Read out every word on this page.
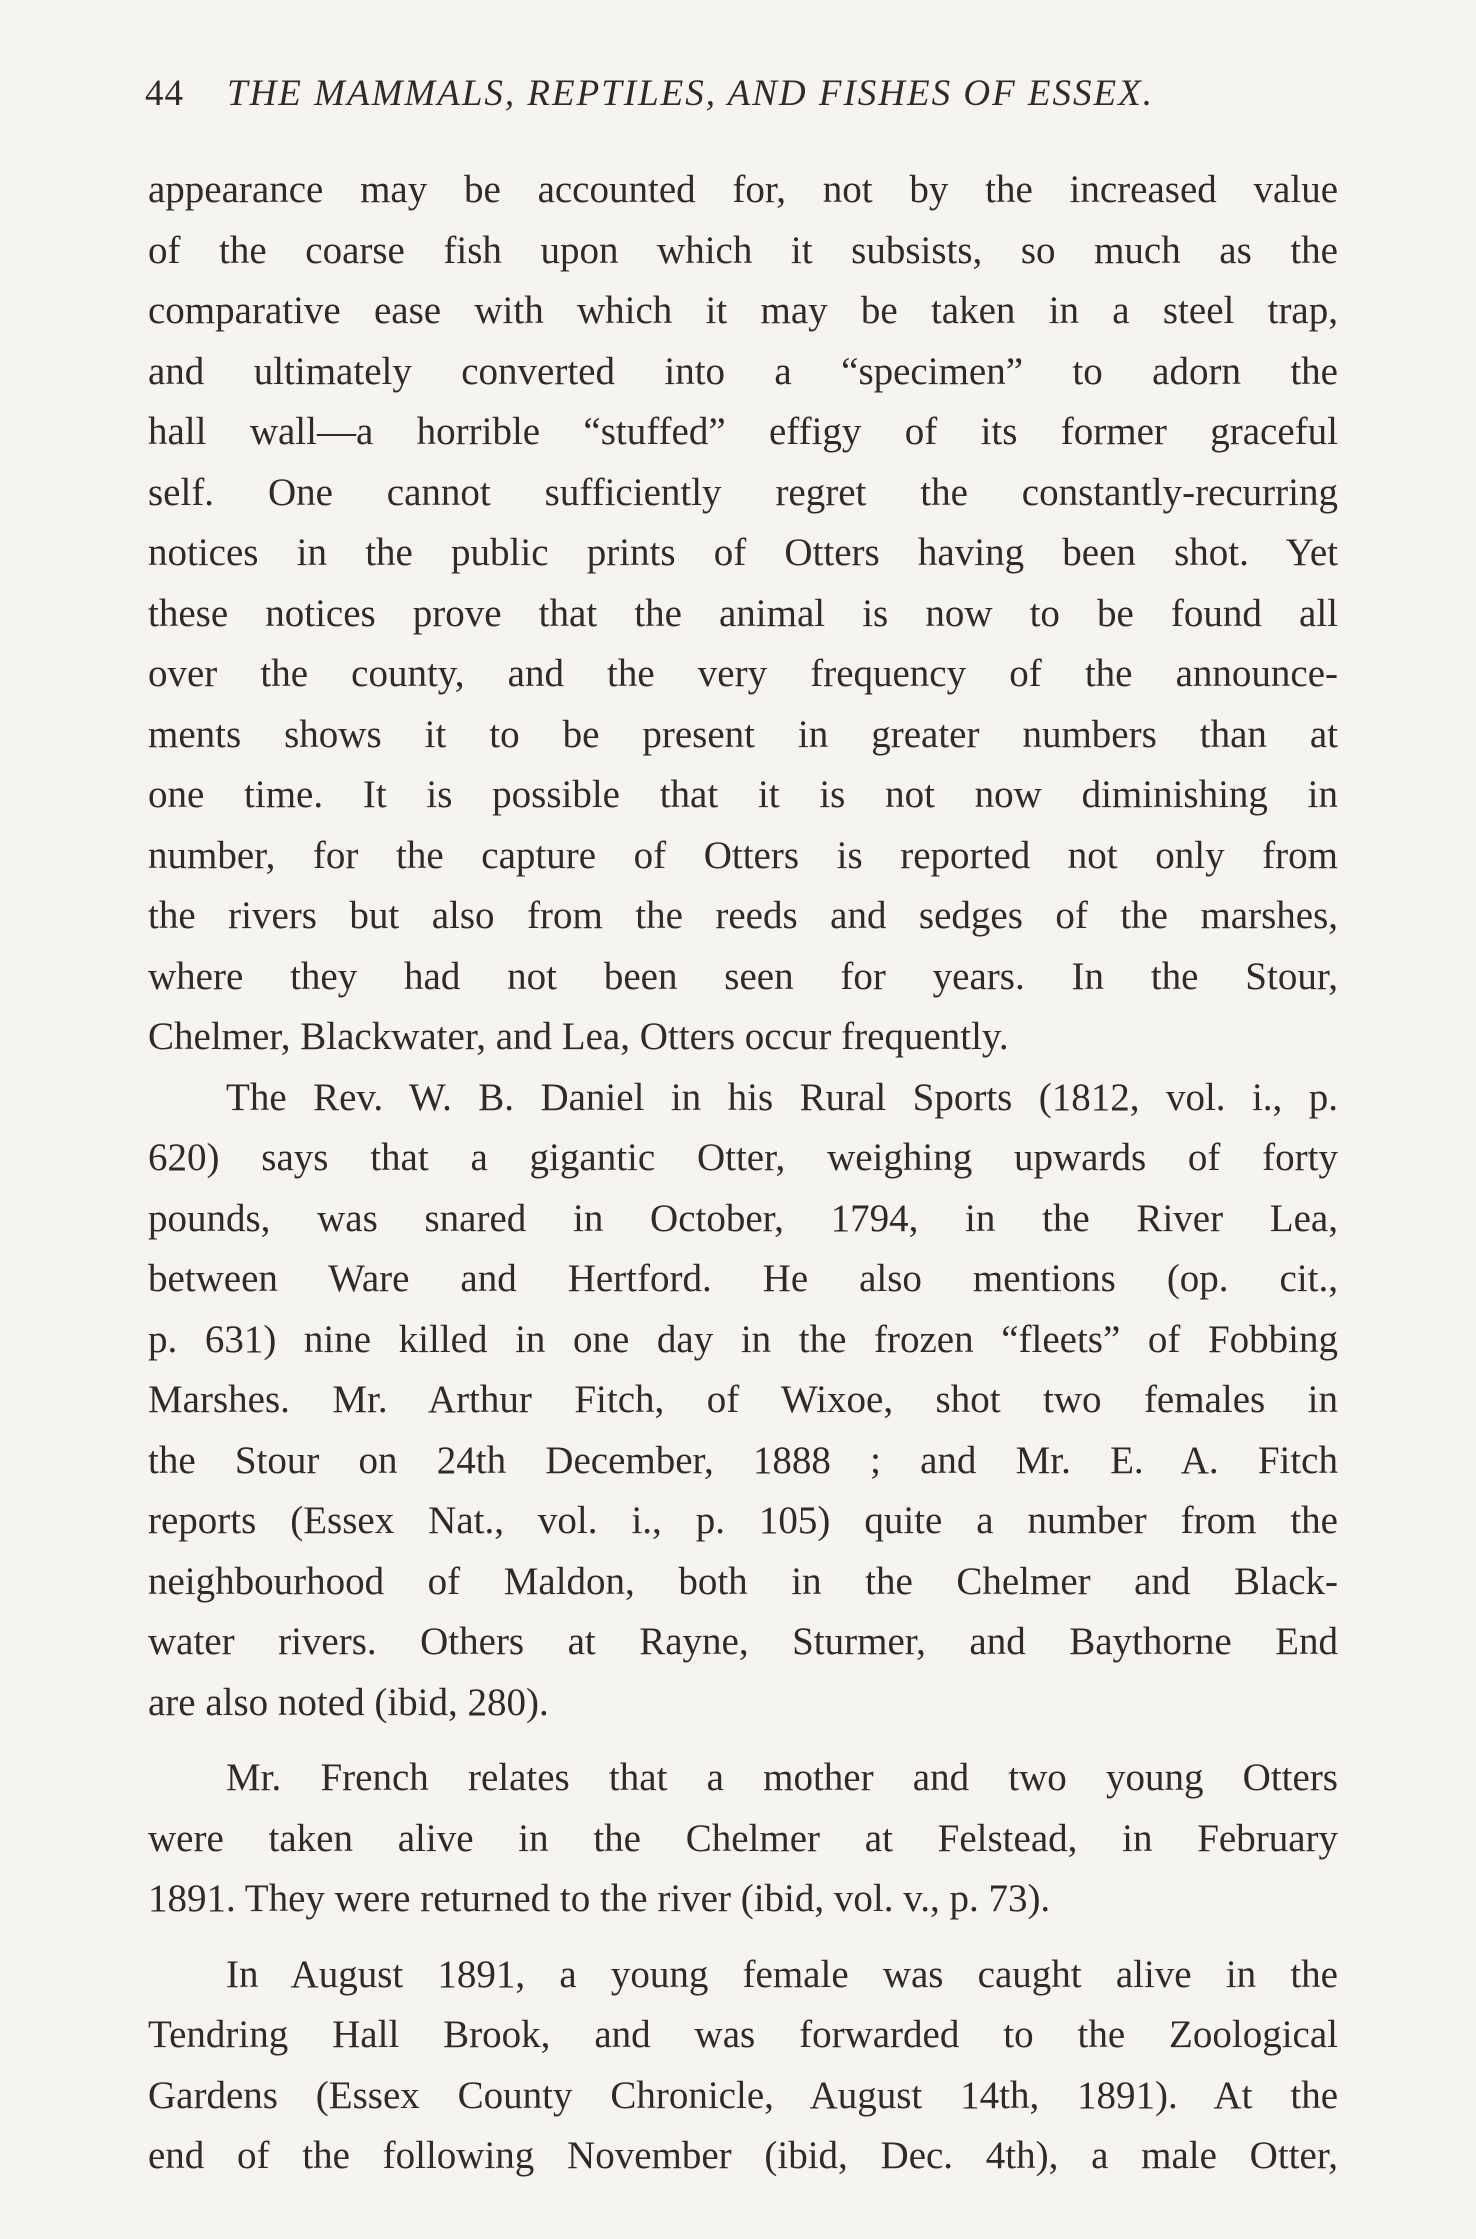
44 THE MAMMALS, REPTILES, AND FISHES OF ESSEX.
appearance may be accounted for, not by the increased value
of the coarse fish upon which it subsists, so much as the
comparative ease with which it may be taken in a steel trap,
and ultimately converted into a “specimen” to adorn the
hall wall—a horrible “stuffed” effigy of its former graceful
self. One cannot sufficiently regret the constantly-recurring
notices in the public prints of Otters having been shot. Yet
these notices prove that the animal is now to be found all
over the county, and the very frequency of the announce-
ments shows it to be present in greater numbers than at
one time. It is possible that it is not now diminishing in
number, for the capture of Otters is reported not only from
the rivers but also from the reeds and sedges of the marshes,
where they had not been seen for years. In the Stour,
Chelmer, Blackwater, and Lea, Otters occur frequently.
The Rev. W. B. Daniel in his Rural Sports (1812, vol. i., p.
620) says that a gigantic Otter, weighing upwards of forty
pounds, was snared in October, 1794, in the River Lea,
between Ware and Hertford. He also mentions (op. cit.,
p. 631) nine killed in one day in the frozen “fleets” of Fobbing
Marshes. Mr. Arthur Fitch, of Wixoe, shot two females in
the Stour on 24th December, 1888 ; and Mr. E. A. Fitch
reports (Essex Nat., vol. i., p. 105) quite a number from the
neighbourhood of Maldon, both in the Chelmer and Black-
water rivers. Others at Rayne, Sturmer, and Baythorne End
are also noted (ibid, 280).
Mr. French relates that a mother and two young Otters
were taken alive in the Chelmer at Felstead, in February
1891. They were returned to the river (ibid, vol. v., p. 73).
In August 1891, a young female was caught alive in the
Tendring Hall Brook, and was forwarded to the Zoological
Gardens (Essex County Chronicle, August 14th, 1891). At the
end of the following November (ibid, Dec. 4th), a male Otter,
